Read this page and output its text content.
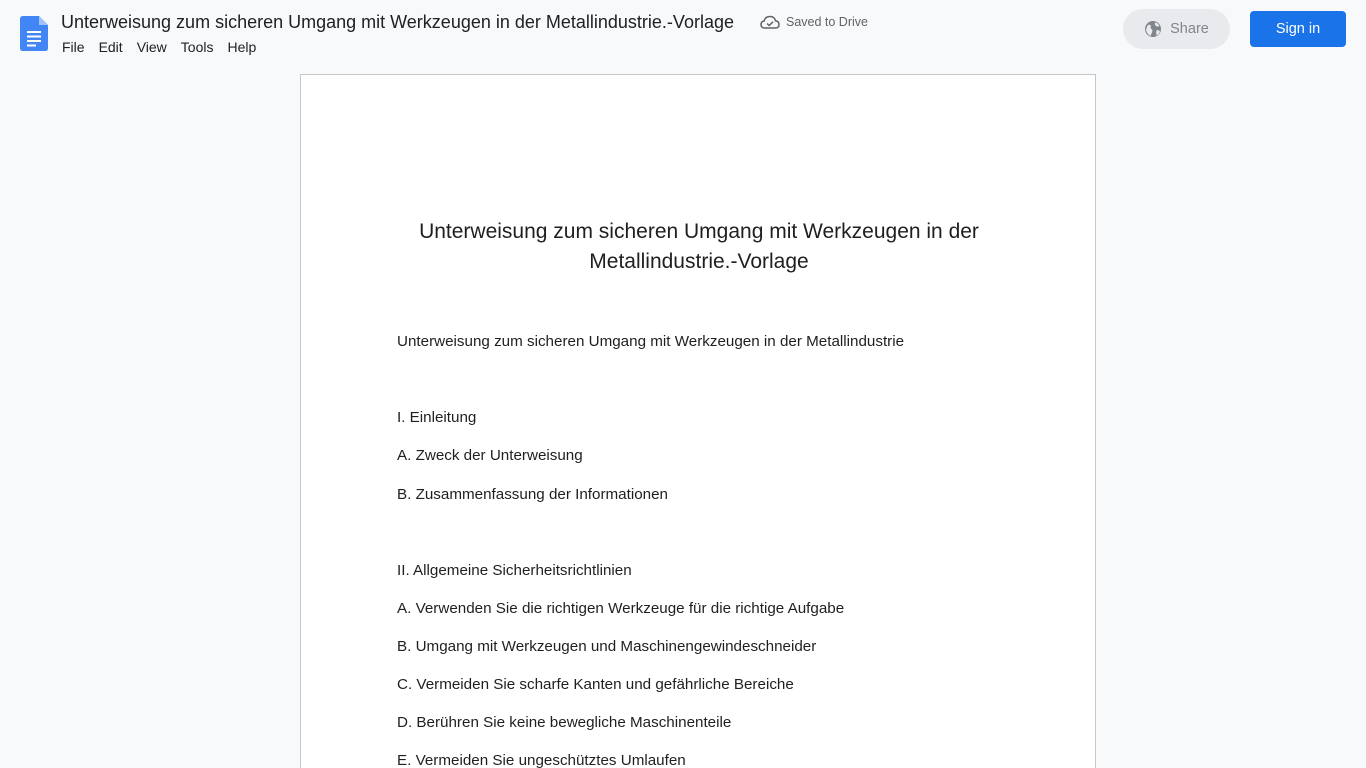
Unterweisung zum sicheren Umgang mit Werkzeugen in der Metallindustrie.-Vorlage	Saved to Drive
File	Edit	View	Tools	Help
Share	Sign in
Unterweisung zum sicheren Umgang mit Werkzeugen in der Metallindustrie.-Vorlage
Unterweisung zum sicheren Umgang mit Werkzeugen in der Metallindustrie
I. Einleitung
A. Zweck der Unterweisung
B. Zusammenfassung der Informationen
II. Allgemeine Sicherheitsrichtlinien
A. Verwenden Sie die richtigen Werkzeuge für die richtige Aufgabe
B. Umgang mit Werkzeugen und Maschinengewindeschneider
C. Vermeiden Sie scharfe Kanten und gefährliche Bereiche
D. Berühren Sie keine bewegliche Maschinenteile
E. Vermeiden Sie ungeschütztes Umlaufen
